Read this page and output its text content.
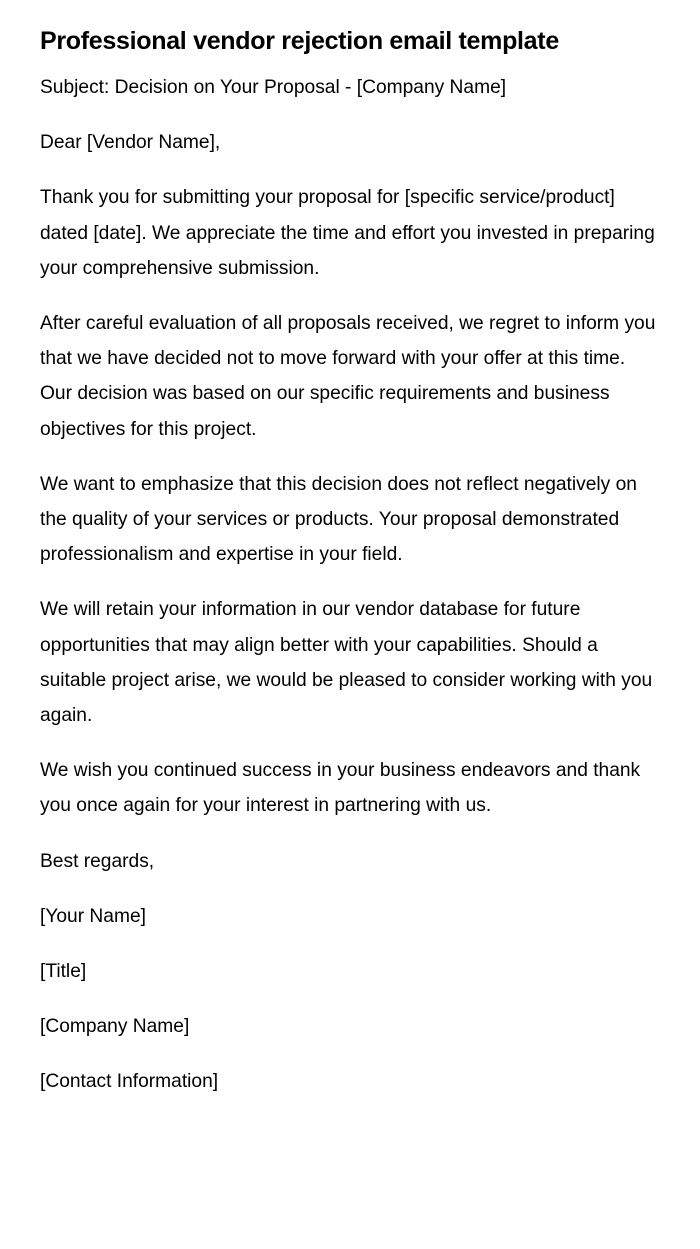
Professional vendor rejection email template

Subject: Decision on Your Proposal - [Company Name]

Dear [Vendor Name],

Thank you for submitting your proposal for [specific service/product] dated [date]. We appreciate the time and effort you invested in preparing your comprehensive submission.

After careful evaluation of all proposals received, we regret to inform you that we have decided not to move forward with your offer at this time. Our decision was based on our specific requirements and business objectives for this project.

We want to emphasize that this decision does not reflect negatively on the quality of your services or products. Your proposal demonstrated professionalism and expertise in your field.

We will retain your information in our vendor database for future opportunities that may align better with your capabilities. Should a suitable project arise, we would be pleased to consider working with you again.

We wish you continued success in your business endeavors and thank you once again for your interest in partnering with us.

Best regards,

[Your Name]

[Title]

[Company Name]

[Contact Information]
